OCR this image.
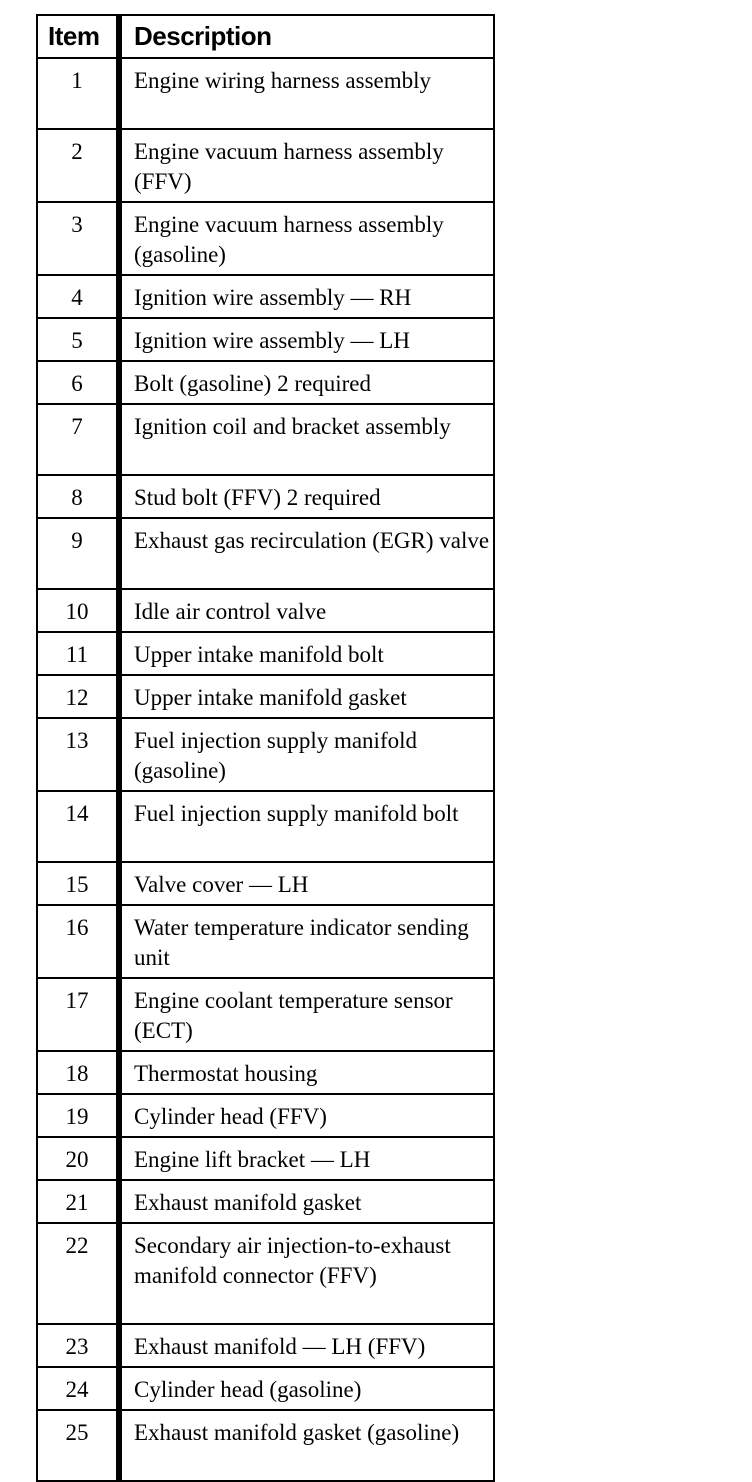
Item	Description
1	Engine wiring harness assembly
2	Engine vacuum harness assembly (FFV)
3	Engine vacuum harness assembly (gasoline)
4	Ignition wire assembly — RH
5	Ignition wire assembly — LH
6	Bolt (gasoline) 2 required
7	Ignition coil and bracket assembly
8	Stud bolt (FFV) 2 required
9	Exhaust gas recirculation (EGR) valve
10	Idle air control valve
11	Upper intake manifold bolt
12	Upper intake manifold gasket
13	Fuel injection supply manifold (gasoline)
14	Fuel injection supply manifold bolt
15	Valve cover — LH
16	Water temperature indicator sending unit
17	Engine coolant temperature sensor (ECT)
18	Thermostat housing
19	Cylinder head (FFV)
20	Engine lift bracket — LH
21	Exhaust manifold gasket
22	Secondary air injection-to-exhaust manifold connector (FFV)
23	Exhaust manifold — LH (FFV)
24	Cylinder head (gasoline)
25	Exhaust manifold gasket (gasoline)
